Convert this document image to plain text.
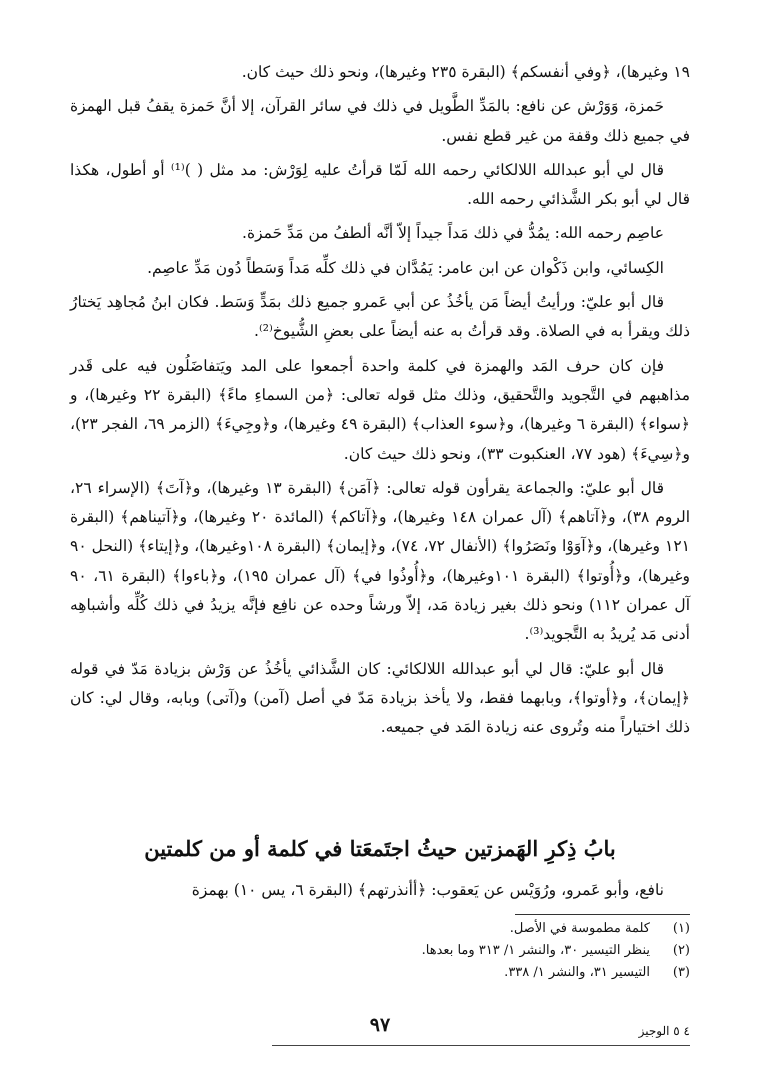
١٩ وغيرها)، ﴿وفي أنفسكم﴾ (البقرة ٢٣٥ وغيرها)، ونحو ذلك حيث كان.

حَمزة، وَوَرْش عن نافع: بالمَدِّ الطَّويل في ذلك في سائر القرآن، إلا أنَّ حَمزة يقفُ قبل الهمزة في جميع ذلك وقفة من غير قطع نفس.

قال لي أبو عبدالله اللالكائي رحمه الله لَمّا قرأتُ عليه لِوَرْش: مد مثل ( )⁽¹⁾ أو أطول، هكذا قال لي أبو بكر الشَّذائي رحمه الله.

عاصِم رحمه الله: يمُدُّ في ذلك مَداً جيداً إلاّ أنَّه ألطفُ من مَدِّ حَمزة.

الكِسائي، وابن ذَكْوان عن ابن عامر: يَمُدَّان في ذلك كلِّه مَداً وَسَطاً دُون مَدِّ عاصِم.

قال أبو عليّ: ورأيتُ أيضاً مَن يأخُذُ عن أبي عَمرو جميع ذلك بمَدٍّ وَسَط. فكان ابنُ مُجاهِد يَختارُ ذلك ويقرأ به في الصلاة. وقد قرأتُ به عنه أيضاً على بعضِ الشُّيوخ⁽²⁾.

فإن كان حرف المَد والهمزة في كلمة واحدة أجمعوا على المد ويَتفاضَلُون فيه على قَدر مذاهبهم في التَّجويد والتَّحقيق، وذلك مثل قوله تعالى: ﴿من السماءِ ماءً﴾ (البقرة ٢٢ وغيرها)، و ﴿سواء﴾ (البقرة ٦ وغيرها)، و﴿سوء العذاب﴾ (البقرة ٤٩ وغيرها)، و﴿وجِيءَ﴾ (الزمر ٦٩، الفجر ٢٣)، و﴿سِيءَ﴾ (هود ٧٧، العنكبوت ٣٣)، ونحو ذلك حيث كان.

قال أبو عليّ: والجماعة يقرأون قوله تعالى: ﴿آمَن﴾ (البقرة ١٣ وغيرها)، و﴿آتَ﴾ (الإسراء ٢٦، الروم ٣٨)، و﴿آتاهم﴾ (آل عمران ١٤٨ وغيرها)، و﴿آتاكم﴾ (المائدة ٢٠ وغيرها)، و﴿آتيناهم﴾ (البقرة ١٢١ وغيرها)، و﴿آوَوْا ونَصَرُوا﴾ (الأنفال ٧٢، ٧٤)، و﴿إيمان﴾ (البقرة ١٠٨وغيرها)، و﴿إيتاء﴾ (النحل ٩٠ وغيرها)، و﴿أُوتوا﴾ (البقرة ١٠١وغيرها)، و﴿أُوذُوا في﴾ (آل عمران ١٩٥)، و﴿باءوا﴾ (البقرة ٦١، ٩٠ آل عمران ١١٢) ونحو ذلك بغير زيادة مَد، إلاّ ورشاً وحده عن نافِع فإنَّه يزيدُ في ذلك كُلِّه وأشباهِه أدنى مَد يُريدُ به التَّجويد⁽³⁾.

قال أبو عليّ: قال لي أبو عبدالله اللالكائي: كان الشَّذائي يأخُذُ عن وَرْش بزيادة مَدّ في قوله ﴿إيمان﴾، و﴿أوتوا﴾، وبابهما فقط، ولا يأخذ بزيادة مَدّ في أصل (آمن) و(آتى) وبابه، وقال لي: كان ذلك اختياراً منه وتُروى عنه زيادة المَد في جميعه.

بابُ ذِكرِ الهَمزتين حيثُ اجتَمعَتا في كلمة أو من كلمتين
نافع، وأبو عَمرو، ورُوَيْس عن يَعقوب: ﴿أأنذرتهم﴾ (البقرة ٦، يس ١٠) بهمزة
(١)
كلمة مطموسة في الأصل.
(٢)
ينظر التيسير ٣٠، والنشر ١/ ٣١٣ وما بعدها.
(٣)
التيسير ٣١، والنشر ١/ ٣٣٨.
٩٧	٤ ٥ الوجيز
